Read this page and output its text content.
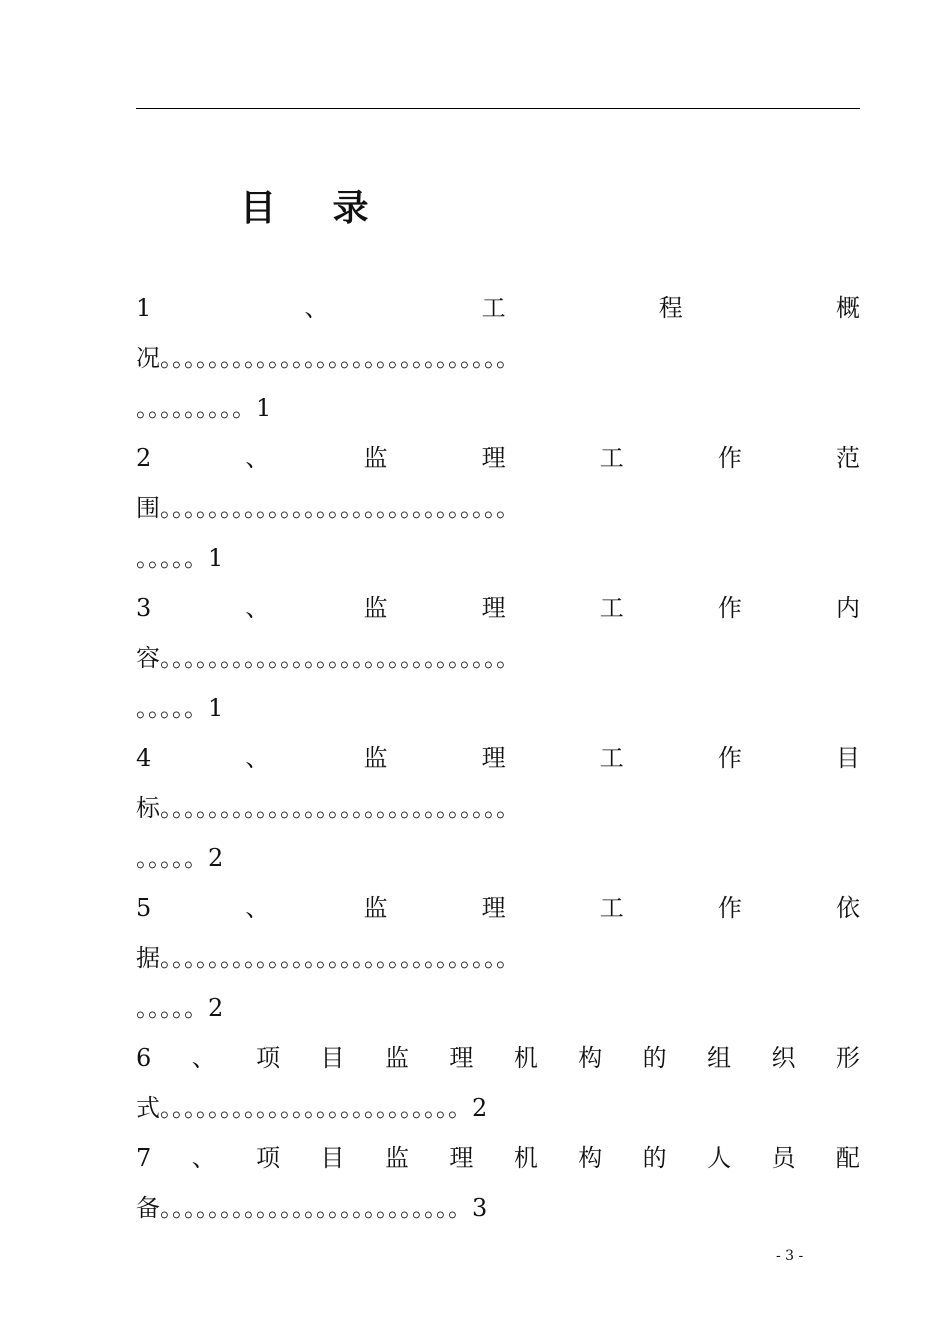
目 录
1	、	工	程	概
况。。。。。。。。。。。。。。。。。。。。。。。。。。。。。
。。。。。。。。。1
2	、	监	理	工	作	范
围。。。。。。。。。。。。。。。。。。。。。。。。。。。。。
。。。。。1
3	、	监	理	工	作	内
容。。。。。。。。。。。。。。。。。。。。。。。。。。。。。
。。。。。1
4	、	监	理	工	作	目
标。。。。。。。。。。。。。。。。。。。。。。。。。。。。。
。。。。。2
5	、	监	理	工	作	依
据。。。。。。。。。。。。。。。。。。。。。。。。。。。。。
。。。。。2
6 、 项 目 监 理 机 构 的 组 织 形
式。。。。。。。。。。。。。。。。。。。。。。。。。2
7 、 项 目 监 理 机 构 的 人 员 配
备。。。。。。。。。。。。。。。。。。。。。。。。。3
- 3 -
